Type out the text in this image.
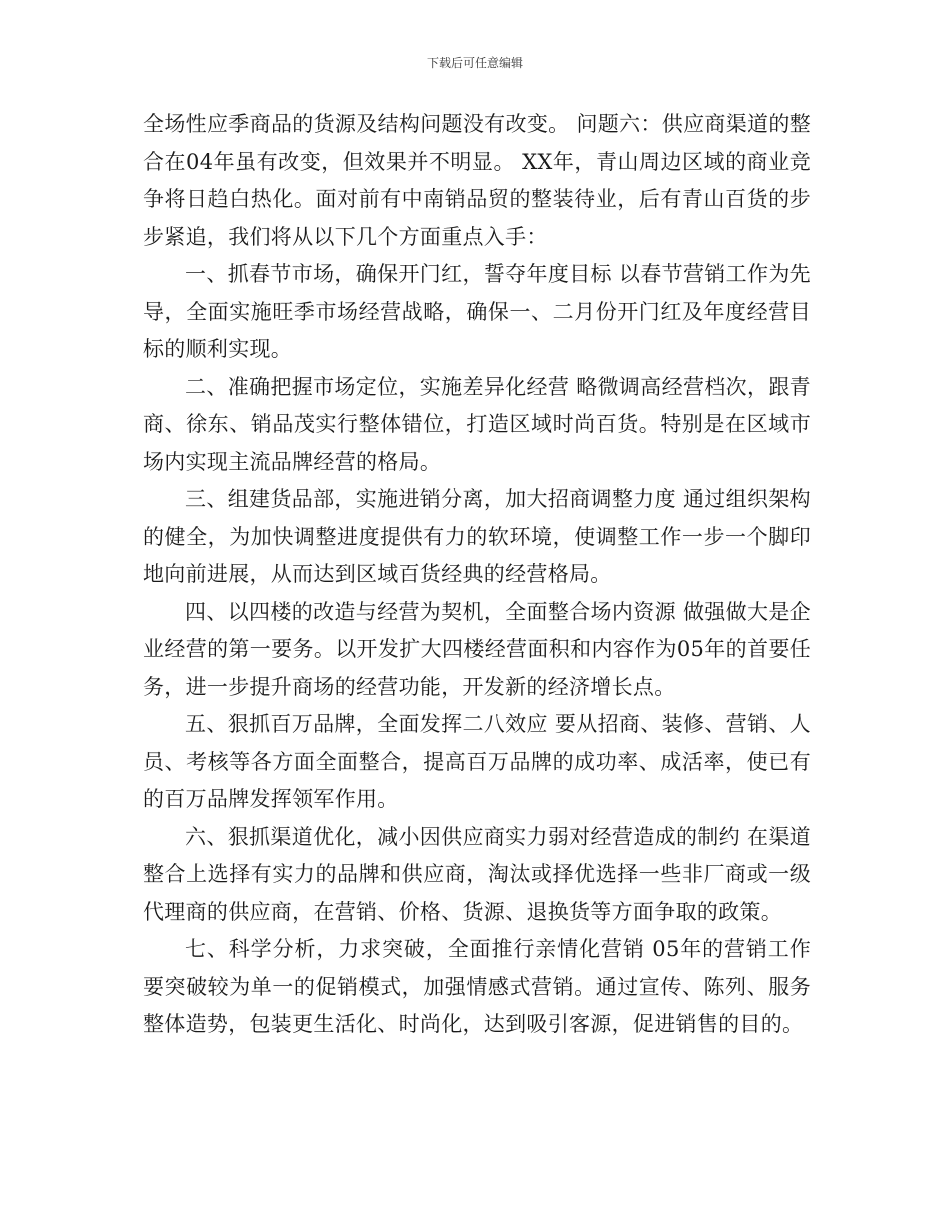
下载后可任意编辑

全场性应季商品的货源及结构问题没有改变。 问题六：供应商渠道的整合在04年虽有改变，但效果并不明显。 XX年，青山周边区域的商业竞争将日趋白热化。面对前有中南销品贸的整装待业，后有青山百货的步步紧追，我们将从以下几个方面重点入手：

一、抓春节市场，确保开门红，誓夺年度目标 以春节营销工作为先导，全面实施旺季市场经营战略，确保一、二月份开门红及年度经营目标的顺利实现。

二、准确把握市场定位，实施差异化经营 略微调高经营档次，跟青商、徐东、销品茂实行整体错位，打造区域时尚百货。特别是在区域市场内实现主流品牌经营的格局。

三、组建货品部，实施进销分离，加大招商调整力度 通过组织架构的健全，为加快调整进度提供有力的软环境，使调整工作一步一个脚印地向前进展，从而达到区域百货经典的经营格局。

四、以四楼的改造与经营为契机，全面整合场内资源 做强做大是企业经营的第一要务。以开发扩大四楼经营面积和内容作为05年的首要任务，进一步提升商场的经营功能，开发新的经济增长点。

五、狠抓百万品牌，全面发挥二八效应 要从招商、装修、营销、人员、考核等各方面全面整合，提高百万品牌的成功率、成活率，使已有的百万品牌发挥领军作用。

六、狠抓渠道优化，减小因供应商实力弱对经营造成的制约 在渠道整合上选择有实力的品牌和供应商，淘汰或择优选择一些非厂商或一级代理商的供应商，在营销、价格、货源、退换货等方面争取的政策。

七、科学分析，力求突破，全面推行亲情化营销 05年的营销工作要突破较为单一的促销模式，加强情感式营销。通过宣传、陈列、服务整体造势，包装更生活化、时尚化，达到吸引客源，促进销售的目的。
